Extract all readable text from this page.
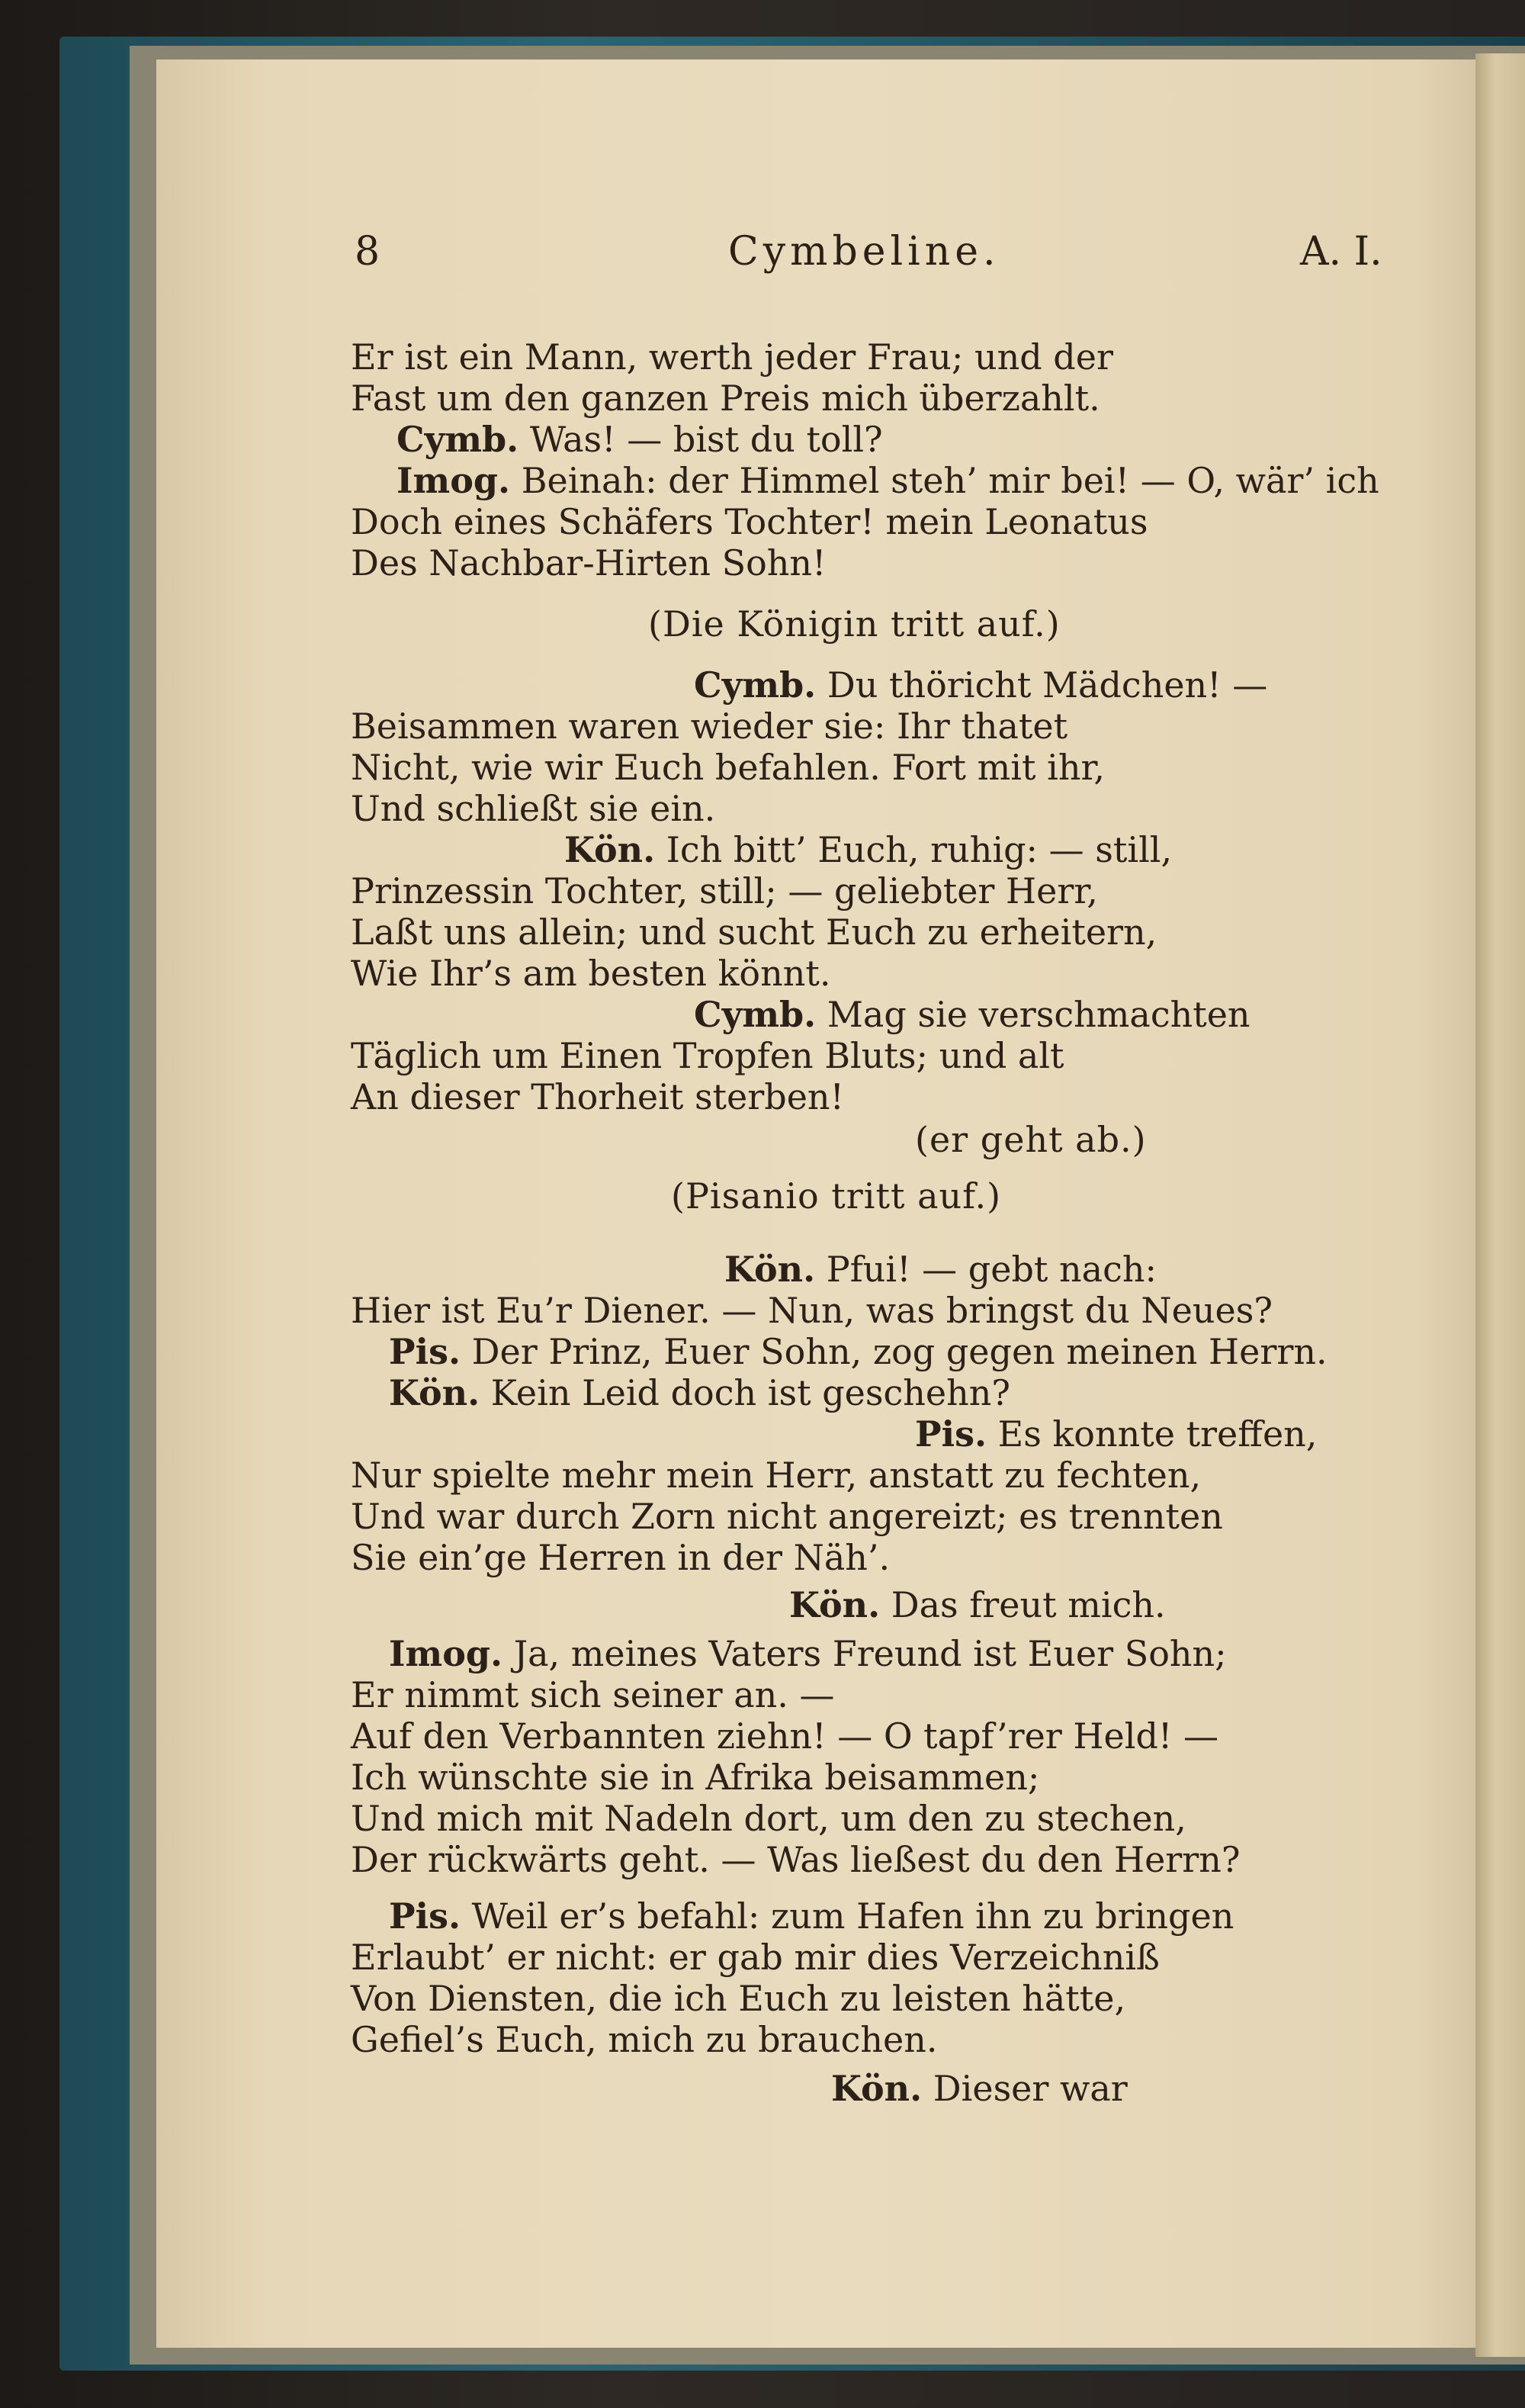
8	Cymbeline.	A. I.
Er ist ein Mann, werth jeder Frau; und der
Fast um den ganzen Preis mich überzahlt.
Cymb. Was! — bist du toll?
Imog. Beinah: der Himmel steh’ mir bei! — O, wär’ ich
Doch eines Schäfers Tochter! mein Leonatus
Des Nachbar-Hirten Sohn!
(Die Königin tritt auf.)
Cymb. Du thöricht Mädchen! —
Beisammen waren wieder sie: Ihr thatet
Nicht, wie wir Euch befahlen. Fort mit ihr,
Und schließt sie ein.
Kön. Ich bitt’ Euch, ruhig: — still,
Prinzessin Tochter, still; — geliebter Herr,
Laßt uns allein; und sucht Euch zu erheitern,
Wie Ihr’s am besten könnt.
Cymb. Mag sie verschmachten
Täglich um Einen Tropfen Bluts; und alt
An dieser Thorheit sterben!
(er geht ab.)
(Pisanio tritt auf.)
Kön. Pfui! — gebt nach:
Hier ist Eu’r Diener. — Nun, was bringst du Neues?
Pis. Der Prinz, Euer Sohn, zog gegen meinen Herrn.
Kön. Kein Leid doch ist geschehn?
Pis. Es konnte treffen,
Nur spielte mehr mein Herr, anstatt zu fechten,
Und war durch Zorn nicht angereizt; es trennten
Sie ein’ge Herren in der Näh’.
Kön. Das freut mich.
Imog. Ja, meines Vaters Freund ist Euer Sohn;
Er nimmt sich seiner an. —
Auf den Verbannten ziehn! — O tapf’rer Held! —
Ich wünschte sie in Afrika beisammen;
Und mich mit Nadeln dort, um den zu stechen,
Der rückwärts geht. — Was ließest du den Herrn?
Pis. Weil er’s befahl: zum Hafen ihn zu bringen
Erlaubt’ er nicht: er gab mir dies Verzeichniß
Von Diensten, die ich Euch zu leisten hätte,
Gefiel’s Euch, mich zu brauchen.
Kön. Dieser war
